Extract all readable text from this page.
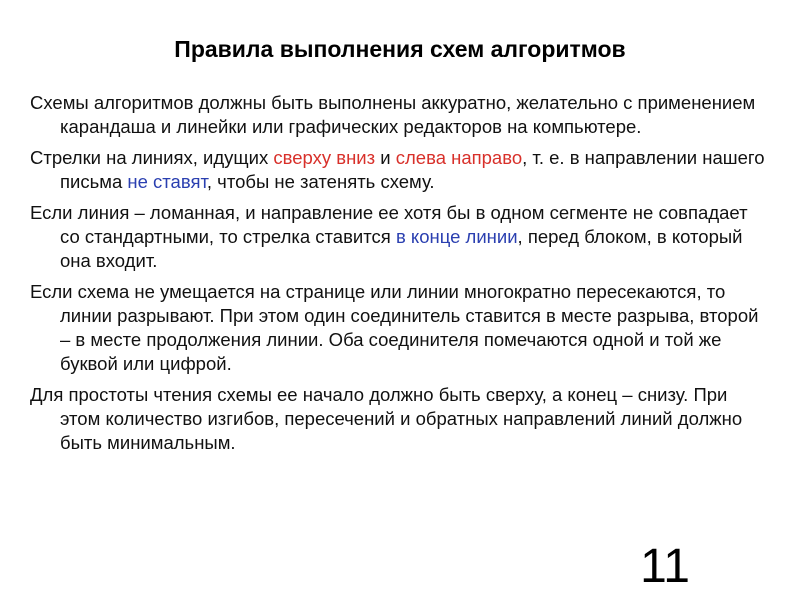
Правила выполнения схем алгоритмов

Схемы алгоритмов должны быть выполнены аккуратно, желательно с применением карандаша и линейки или графических редакторов на компьютере.

Стрелки на линиях, идущих сверху вниз и слева направо, т. е. в направлении нашего письма не ставят, чтобы не затенять схему.

Если линия – ломанная, и направление ее хотя бы в одном сегменте не совпадает со стандартными, то стрелка ставится в конце линии, перед блоком, в который она входит.

Если схема не умещается на странице или линии многократно пересекаются, то линии разрывают. При этом один соединитель ставится в месте разрыва, второй – в месте продолжения линии. Оба соединителя помечаются одной и той же буквой или цифрой.

Для простоты чтения схемы ее начало должно быть сверху, а конец – снизу. При этом количество изгибов, пересечений и обратных направлений линий должно быть минимальным.

11
